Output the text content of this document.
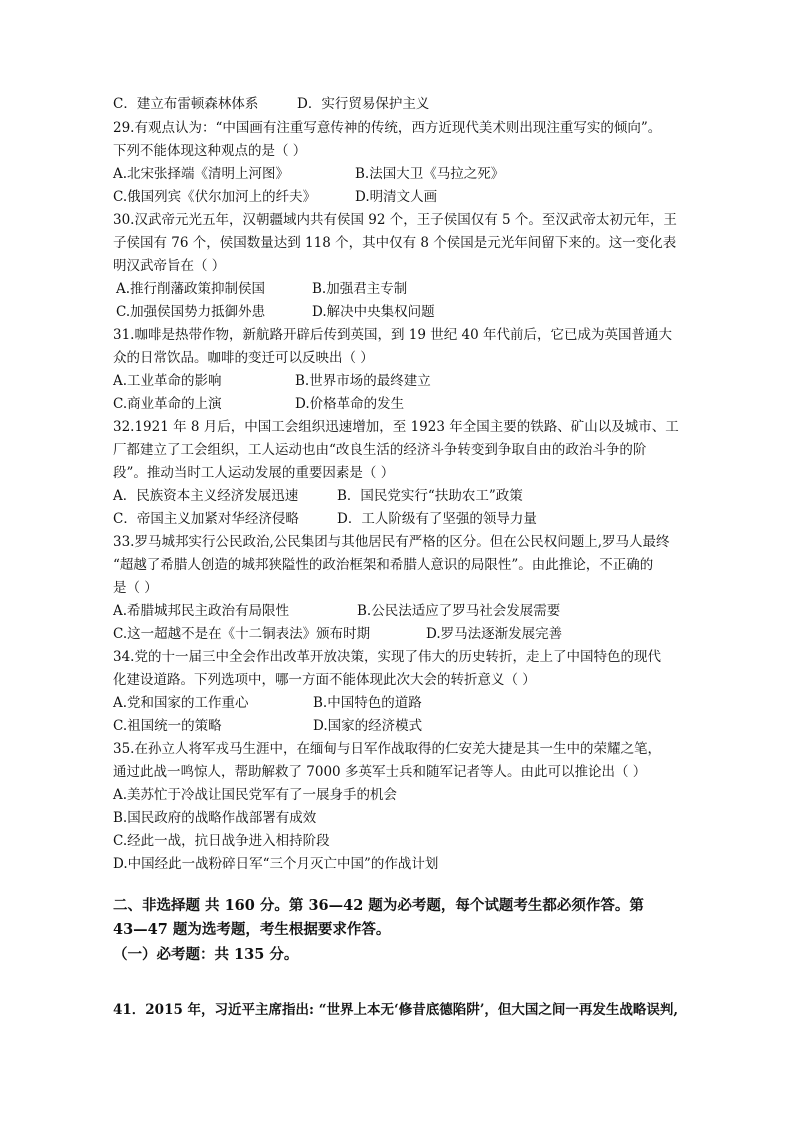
C．建立布雷顿森林体系	D．实行贸易保护主义
29.有观点认为：“中国画有注重写意传神的传统，西方近现代美术则出现注重写实的倾向”。
下列不能体现这种观点的是（ ）
A.北宋张择端《清明上河图》	B.法国大卫《马拉之死》
C.俄国列宾《伏尔加河上的纤夫》	D.明清文人画
30.汉武帝元光五年，汉朝疆域内共有侯国 92 个，王子侯国仅有 5 个。至汉武帝太初元年，王
子侯国有 76 个，侯国数量达到 118 个，其中仅有 8 个侯国是元光年间留下来的。这一变化表
明汉武帝旨在（ ）
A.推行削藩政策抑制侯国	B.加强君主专制
C.加强侯国势力抵御外患	D.解决中央集权问题
31.咖啡是热带作物，新航路开辟后传到英国，到 19 世纪 40 年代前后，它已成为英国普通大
众的日常饮品。咖啡的变迁可以反映出（ ）
A.工业革命的影响	B.世界市场的最终建立
C.商业革命的上演	D.价格革命的发生
32.1921 年 8 月后，中国工会组织迅速增加，至 1923 年全国主要的铁路、矿山以及城市、工
厂都建立了工会组织，工人运动也由“改良生活的经济斗争转变到争取自由的政治斗争的阶
段”。推动当时工人运动发展的重要因素是（ ）
A．民族资本主义经济发展迅速	B．国民党实行“扶助农工”政策
C．帝国主义加紧对华经济侵略	D．工人阶级有了坚强的领导力量
33.罗马城邦实行公民政治,公民集团与其他居民有严格的区分。但在公民权问题上,罗马人最终
“超越了希腊人创造的城邦狭隘性的政治框架和希腊人意识的局限性”。由此推论，不正确的
是（ ）
A.希腊城邦民主政治有局限性	B.公民法适应了罗马社会发展需要
C.这一超越不是在《十二铜表法》颁布时期	D.罗马法逐渐发展完善
34.党的十一届三中全会作出改革开放决策，实现了伟大的历史转折，走上了中国特色的现代
化建设道路。下列选项中，哪一方面不能体现此次大会的转折意义（ ）
A.党和国家的工作重心	B.中国特色的道路
C.祖国统一的策略	D.国家的经济模式
35.在孙立人将军戎马生涯中，在缅甸与日军作战取得的仁安羌大捷是其一生中的荣耀之笔，
通过此战一鸣惊人，帮助解救了 7000 多英军士兵和随军记者等人。由此可以推论出（ ）
A.美苏忙于冷战让国民党军有了一展身手的机会
B.国民政府的战略作战部署有成效
C.经此一战，抗日战争进入相持阶段
D.中国经此一战粉碎日军“三个月灭亡中国”的作战计划
二、非选择题 共 160 分。第 36—42 题为必考题，每个试题考生都必须作答。第
43—47 题为选考题，考生根据要求作答。
（一）必考题：共 135 分。
41．2015 年，习近平主席指出: “世界上本无‘修昔底德陷阱’，但大国之间一再发生战略误判,
